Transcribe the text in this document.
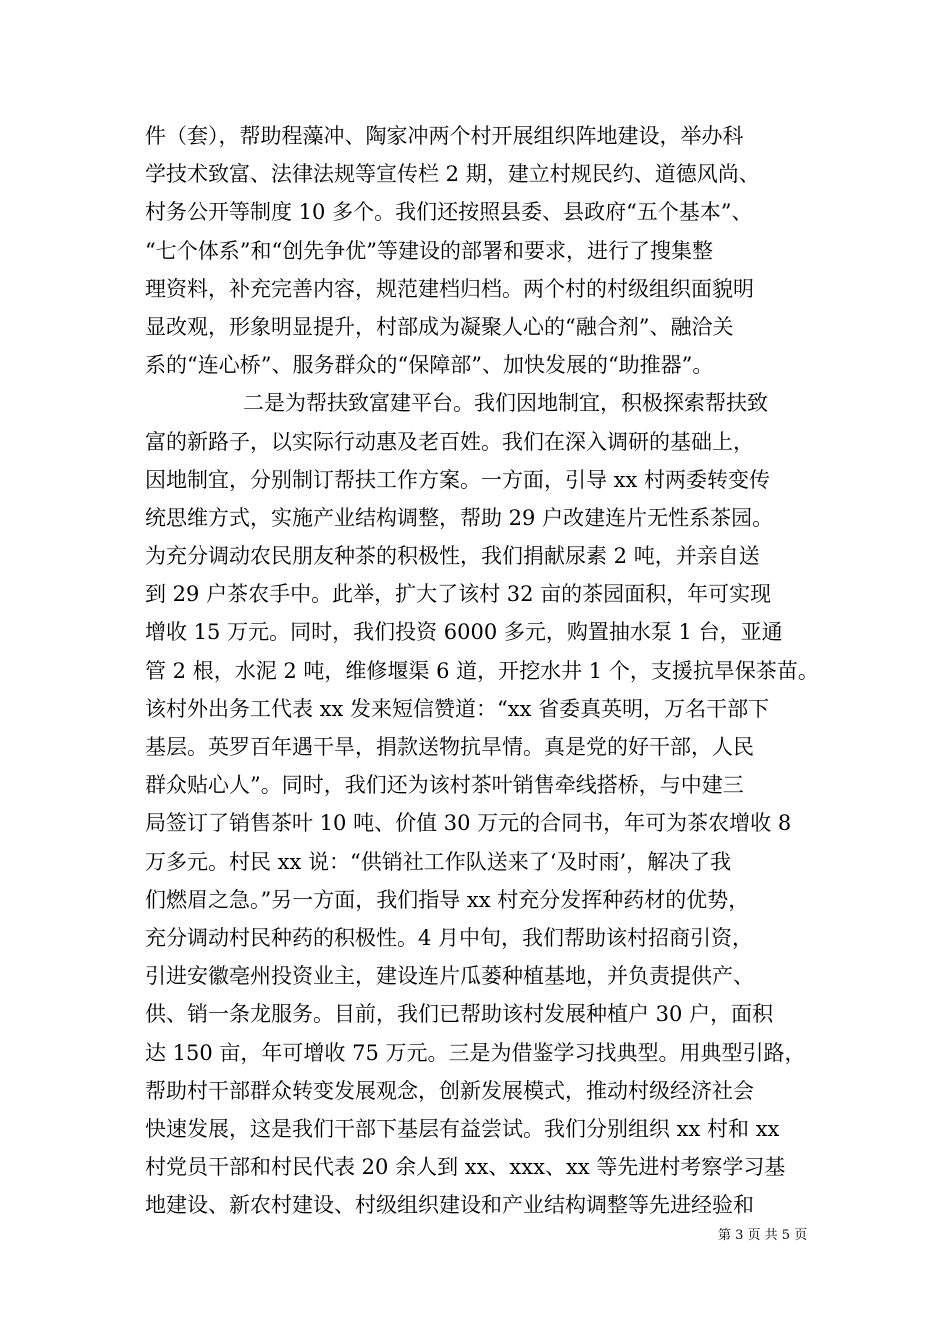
件（套），帮助程藻冲、陶家冲两个村开展组织阵地建设，举办科
学技术致富、法律法规等宣传栏 2 期，建立村规民约、道德风尚、
村务公开等制度 10 多个。我们还按照县委、县政府“五个基本”、
“七个体系”和“创先争优”等建设的部署和要求，进行了搜集整
理资料，补充完善内容，规范建档归档。两个村的村级组织面貌明
显改观，形象明显提升，村部成为凝聚人心的“融合剂”、融洽关
系的“连心桥”、服务群众的“保障部”、加快发展的“助推器”。
二是为帮扶致富建平台。我们因地制宜，积极探索帮扶致
富的新路子，以实际行动惠及老百姓。我们在深入调研的基础上，
因地制宜，分别制订帮扶工作方案。一方面，引导 xx 村两委转变传
统思维方式，实施产业结构调整，帮助 29 户改建连片无性系茶园。
为充分调动农民朋友种茶的积极性，我们捐献尿素 2 吨，并亲自送
到 29 户茶农手中。此举，扩大了该村 32 亩的茶园面积，年可实现
增收 15 万元。同时，我们投资 6000 多元，购置抽水泵 1 台，亚通
管 2 根，水泥 2 吨，维修堰渠 6 道，开挖水井 1 个，支援抗旱保茶苗。
该村外出务工代表 xx 发来短信赞道：“xx 省委真英明，万名干部下
基层。英罗百年遇干旱，捐款送物抗旱情。真是党的好干部，人民
群众贴心人”。同时，我们还为该村茶叶销售牵线搭桥，与中建三
局签订了销售茶叶 10 吨、价值 30 万元的合同书，年可为茶农增收 8
万多元。村民 xx 说：“供销社工作队送来了‘及时雨’，解决了我
们燃眉之急。”另一方面，我们指导 xx 村充分发挥种药材的优势，
充分调动村民种药的积极性。4 月中旬，我们帮助该村招商引资，
引进安徽亳州投资业主，建设连片瓜蒌种植基地，并负责提供产、
供、销一条龙服务。目前，我们已帮助该村发展种植户 30 户，面积
达 150 亩，年可增收 75 万元。三是为借鉴学习找典型。用典型引路，
帮助村干部群众转变发展观念，创新发展模式，推动村级经济社会
快速发展，这是我们干部下基层有益尝试。我们分别组织 xx 村和 xx
村党员干部和村民代表 20 余人到 xx、xxx、xx 等先进村考察学习基
地建设、新农村建设、村级组织建设和产业结构调整等先进经验和
第 3 页 共 5 页
